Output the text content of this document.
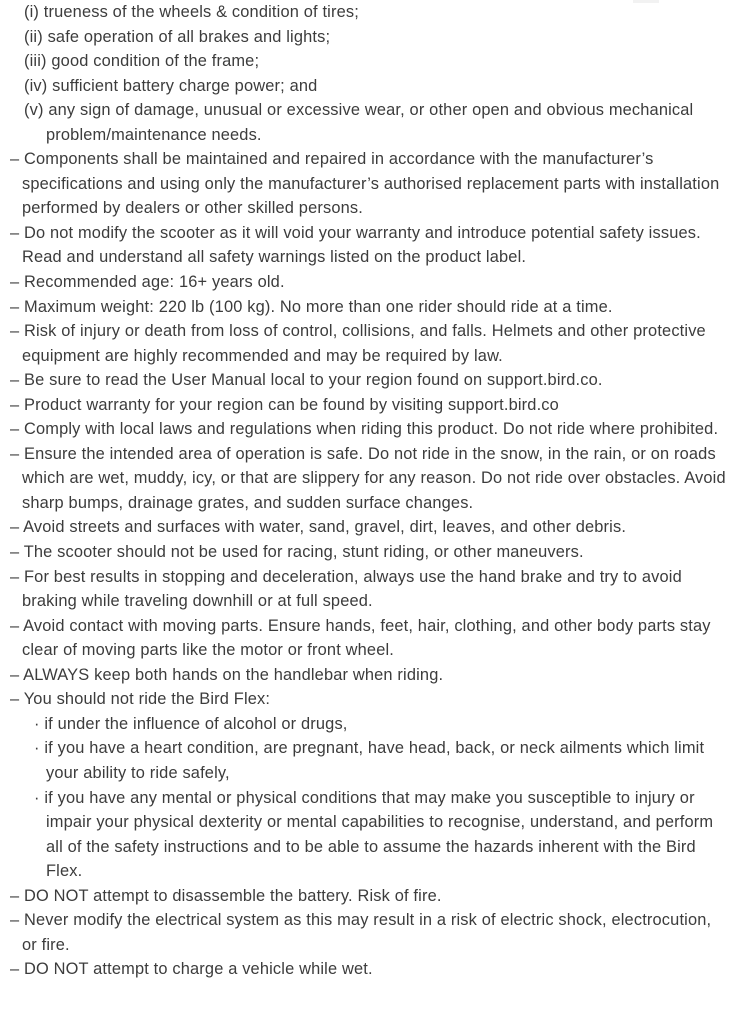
(i) trueness of the wheels & condition of tires;
(ii) safe operation of all brakes and lights;
(iii) good condition of the frame;
(iv) sufficient battery charge power; and
(v) any sign of damage, unusual or excessive wear, or other open and obvious mechanical problem/maintenance needs.
– Components shall be maintained and repaired in accordance with the manufacturer’s specifications and using only the manufacturer’s authorised replacement parts with installation performed by dealers or other skilled persons.
– Do not modify the scooter as it will void your warranty and introduce potential safety issues. Read and understand all safety warnings listed on the product label.
– Recommended age: 16+ years old.
– Maximum weight: 220 lb (100 kg). No more than one rider should ride at a time.
– Risk of injury or death from loss of control, collisions, and falls. Helmets and other protective equipment are highly recommended and may be required by law.
– Be sure to read the User Manual local to your region found on support.bird.co.
– Product warranty for your region can be found by visiting support.bird.co
– Comply with local laws and regulations when riding this product. Do not ride where prohibited.
– Ensure the intended area of operation is safe. Do not ride in the snow, in the rain, or on roads which are wet, muddy, icy, or that are slippery for any reason. Do not ride over obstacles. Avoid sharp bumps, drainage grates, and sudden surface changes.
– Avoid streets and surfaces with water, sand, gravel, dirt, leaves, and other debris.
– The scooter should not be used for racing, stunt riding, or other maneuvers.
– For best results in stopping and deceleration, always use the hand brake and try to avoid braking while traveling downhill or at full speed.
– Avoid contact with moving parts. Ensure hands, feet, hair, clothing, and other body parts stay clear of moving parts like the motor or front wheel.
– ALWAYS keep both hands on the handlebar when riding.
– You should not ride the Bird Flex:
· if under the influence of alcohol or drugs,
· if you have a heart condition, are pregnant, have head, back, or neck ailments which limit your ability to ride safely,
· if you have any mental or physical conditions that may make you susceptible to injury or impair your physical dexterity or mental capabilities to recognise, understand, and perform all of the safety instructions and to be able to assume the hazards inherent with the Bird Flex.
– DO NOT attempt to disassemble the battery. Risk of fire.
– Never modify the electrical system as this may result in a risk of electric shock, electrocution, or fire.
– DO NOT attempt to charge a vehicle while wet.
